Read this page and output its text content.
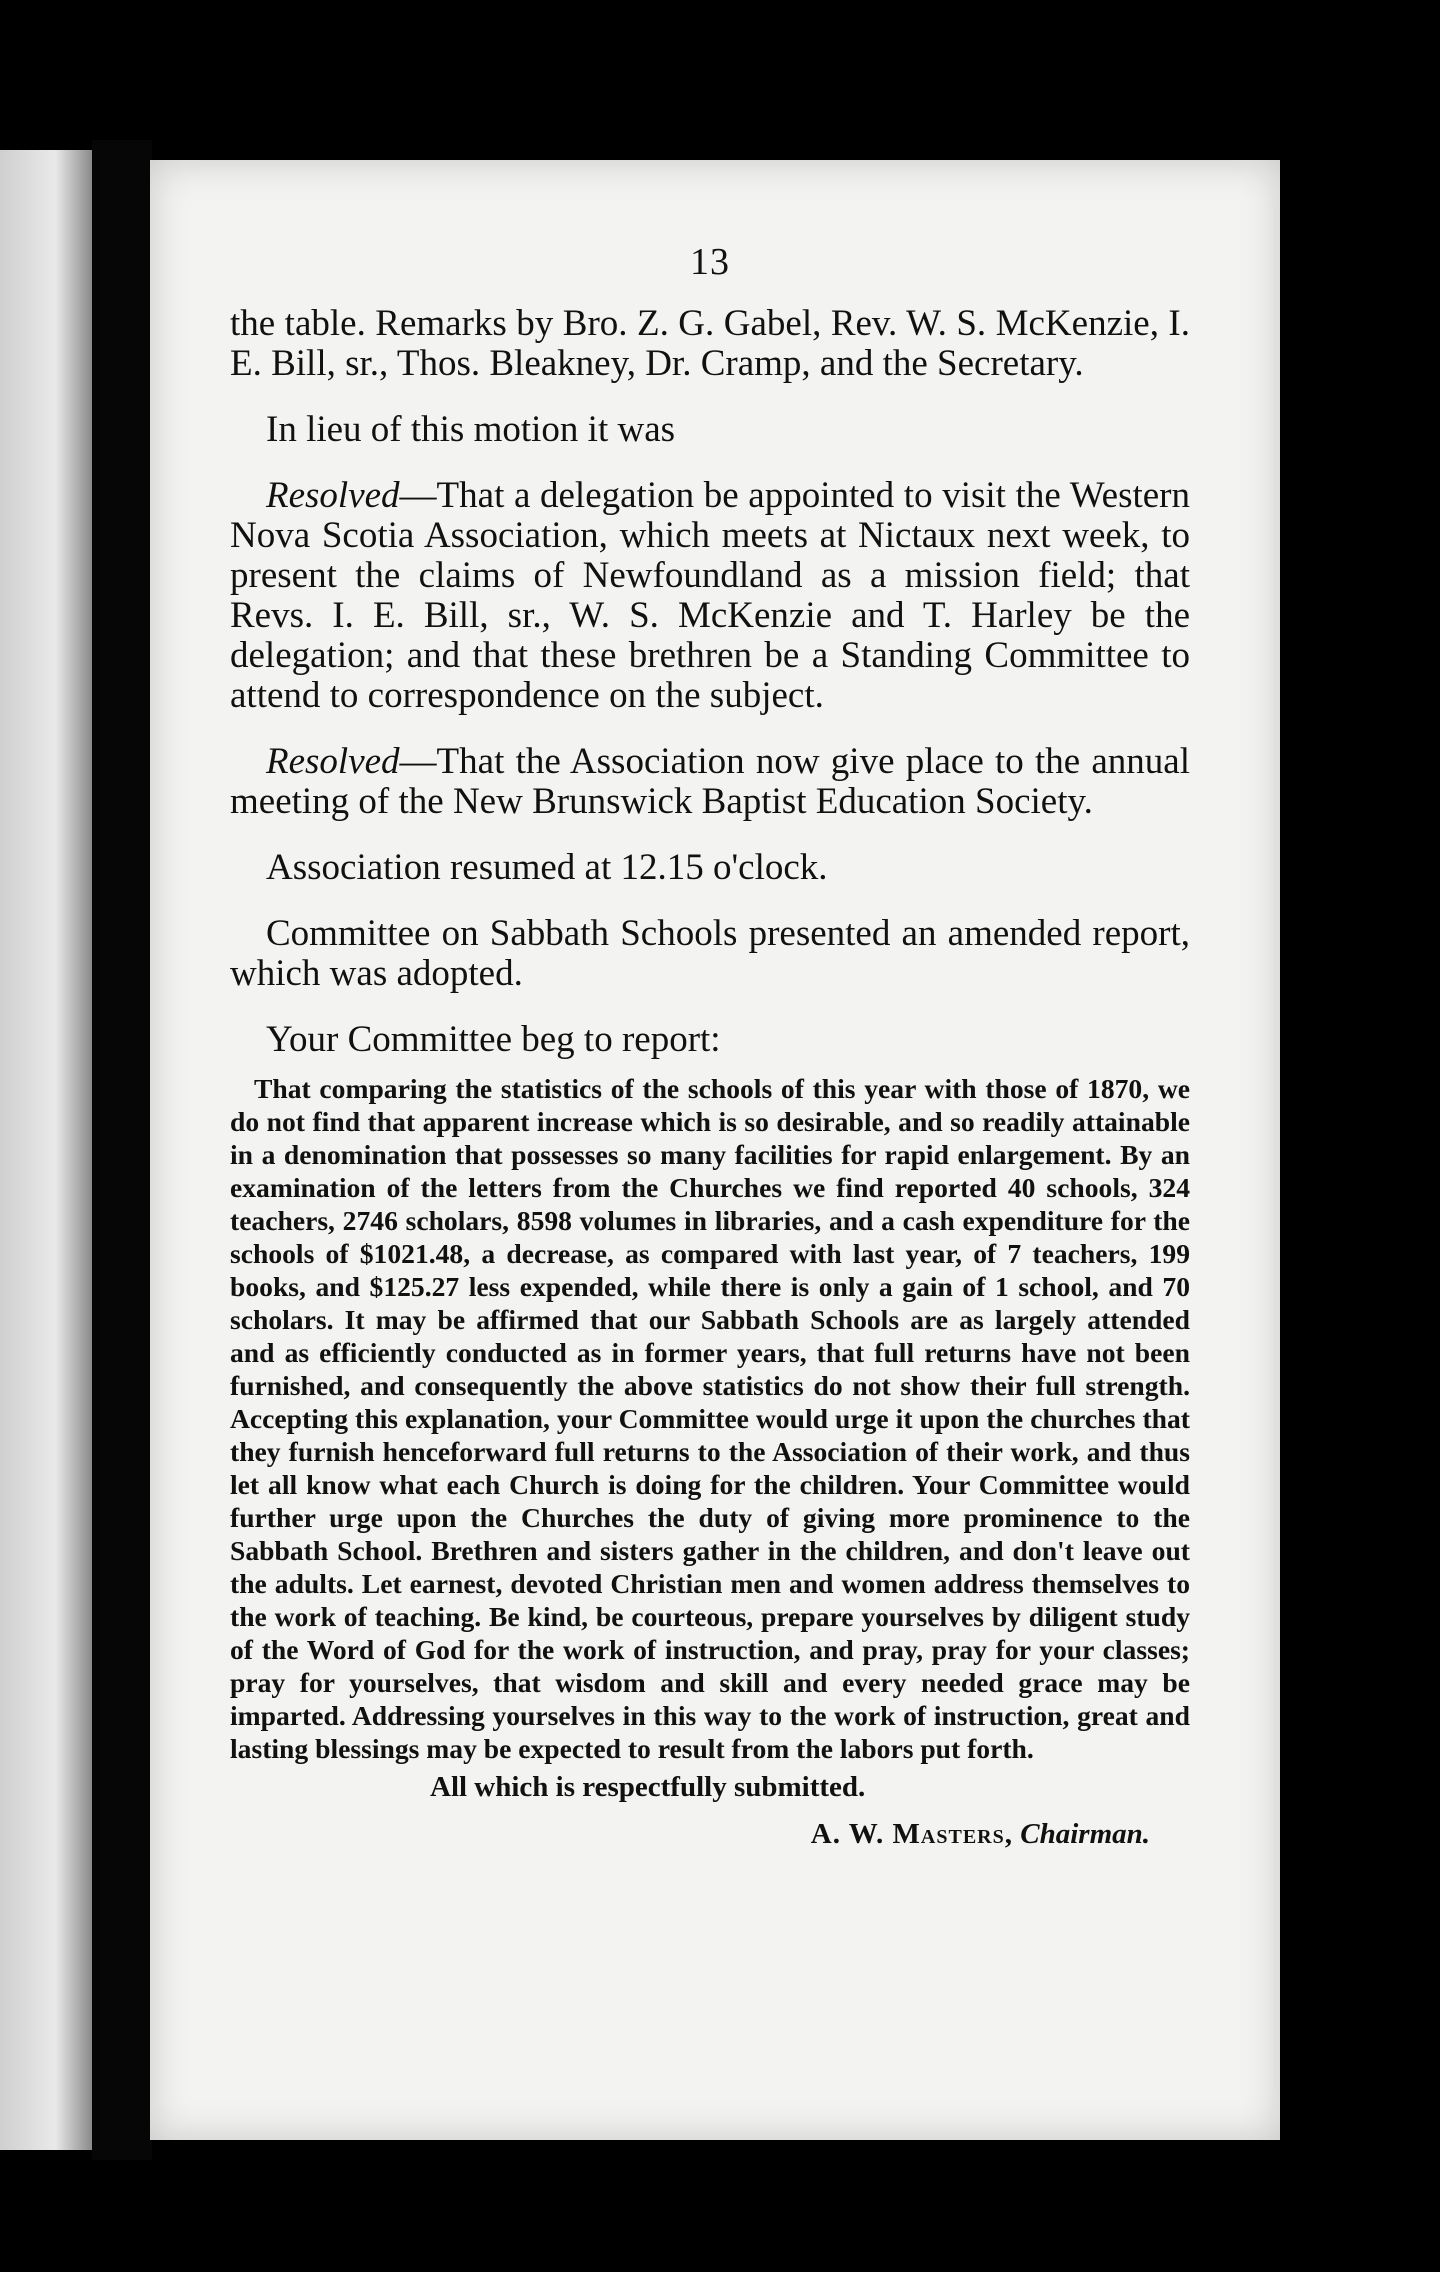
13

the table. Remarks by Bro. Z. G. Gabel, Rev. W. S. McKenzie, I. E. Bill, sr., Thos. Bleakney, Dr. Cramp, and the Secretary.

In lieu of this motion it was

Resolved—That a delegation be appointed to visit the Western Nova Scotia Association, which meets at Nictaux next week, to present the claims of Newfoundland as a mission field; that Revs. I. E. Bill, sr., W. S. McKenzie and T. Harley be the delegation; and that these brethren be a Standing Committee to attend to correspondence on the subject.

Resolved—That the Association now give place to the annual meeting of the New Brunswick Baptist Education Society.

Association resumed at 12.15 o'clock.

Committee on Sabbath Schools presented an amended report, which was adopted.

Your Committee beg to report:

That comparing the statistics of the schools of this year with those of 1870, we do not find that apparent increase which is so desirable, and so readily attainable in a denomination that possesses so many facilities for rapid enlargement. By an examination of the letters from the Churches we find reported 40 schools, 324 teachers, 2746 scholars, 8598 volumes in libraries, and a cash expenditure for the schools of $1021.48, a decrease, as compared with last year, of 7 teachers, 199 books, and $125.27 less expended, while there is only a gain of 1 school, and 70 scholars. It may be affirmed that our Sabbath Schools are as largely attended and as efficiently conducted as in former years, that full returns have not been furnished, and consequently the above statistics do not show their full strength. Accepting this explanation, your Committee would urge it upon the churches that they furnish henceforward full returns to the Association of their work, and thus let all know what each Church is doing for the children. Your Committee would further urge upon the Churches the duty of giving more prominence to the Sabbath School. Brethren and sisters gather in the children, and don't leave out the adults. Let earnest, devoted Christian men and women address themselves to the work of teaching. Be kind, be courteous, prepare yourselves by diligent study of the Word of God for the work of instruction, and pray, pray for your classes; pray for yourselves, that wisdom and skill and every needed grace may be imparted. Addressing yourselves in this way to the work of instruction, great and lasting blessings may be expected to result from the labors put forth.

All which is respectfully submitted.

A. W. Masters, Chairman.
